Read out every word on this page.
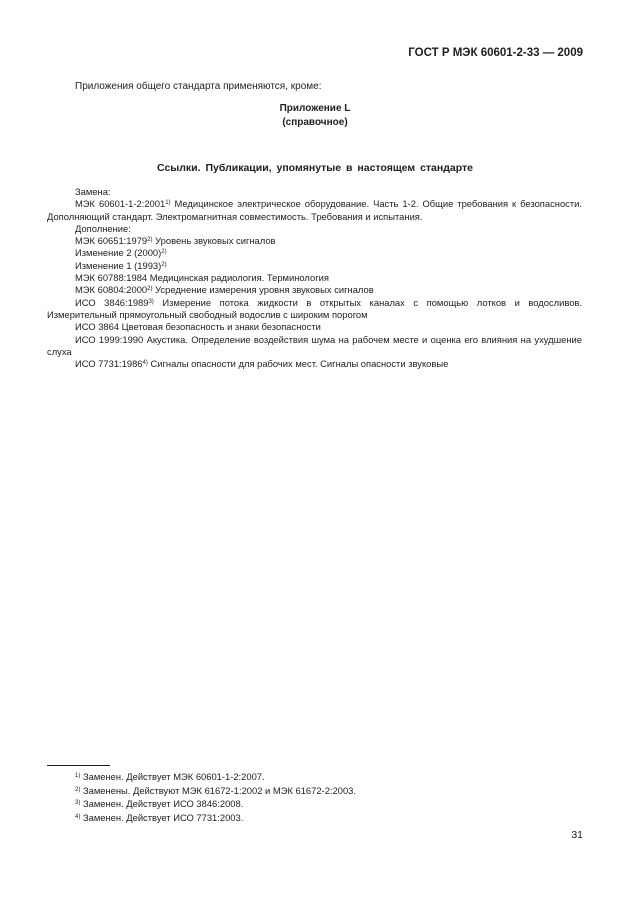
ГОСТ Р МЭК 60601-2-33 — 2009
Приложения общего стандарта применяются, кроме:
Приложение L
(справочное)
Ссылки. Публикации, упомянутые в настоящем стандарте

Замена:

МЭК 60601-1-2:2001$^{1)}$ Медицинское электрическое оборудование. Часть 1-2. Общие требования к безопасности. Дополняющий стандарт. Электромагнитная совместимость. Требования и испытания.

Дополнение:

МЭК 60651:1979$^{2)}$ Уровень звуковых сигналов

Изменение 2 $(2000)^{2)}$

Изменение 1 $(1993)^{2)}$

МЭК 60788:1984 Медицинская радиология. Терминология

МЭК 60804:2000$^{2)}$ Усреднение измерения уровня звуковых сигналов

ИСО 3846:1989$^{3)}$ Измерение потока жидкости в открытых каналах с помощью лотков и водосливов. Измерительный прямоугольный свободный водослив с широким порогом

ИСО 3864 Цветовая безопасность и знаки безопасности

ИСО 1999:1990 Акустика. Определение воздействия шума на рабочем месте и оценка его влияния на ухудшение слуха

ИСО 7731:1986$^{4)}$ Сигналы опасности для рабочих мест. Сигналы опасности звуковые

$^{1)}$ Заменен. Действует МЭК 60601-1-2:2007.
$^{2)}$ Заменены. Действуют МЭК 61672-1:2002 и МЭК 61672-2:2003.
$^{3)}$ Заменен. Действует ИСО 3846:2008.
$^{4)}$ Заменен. Действует ИСО 7731:2003.
31
